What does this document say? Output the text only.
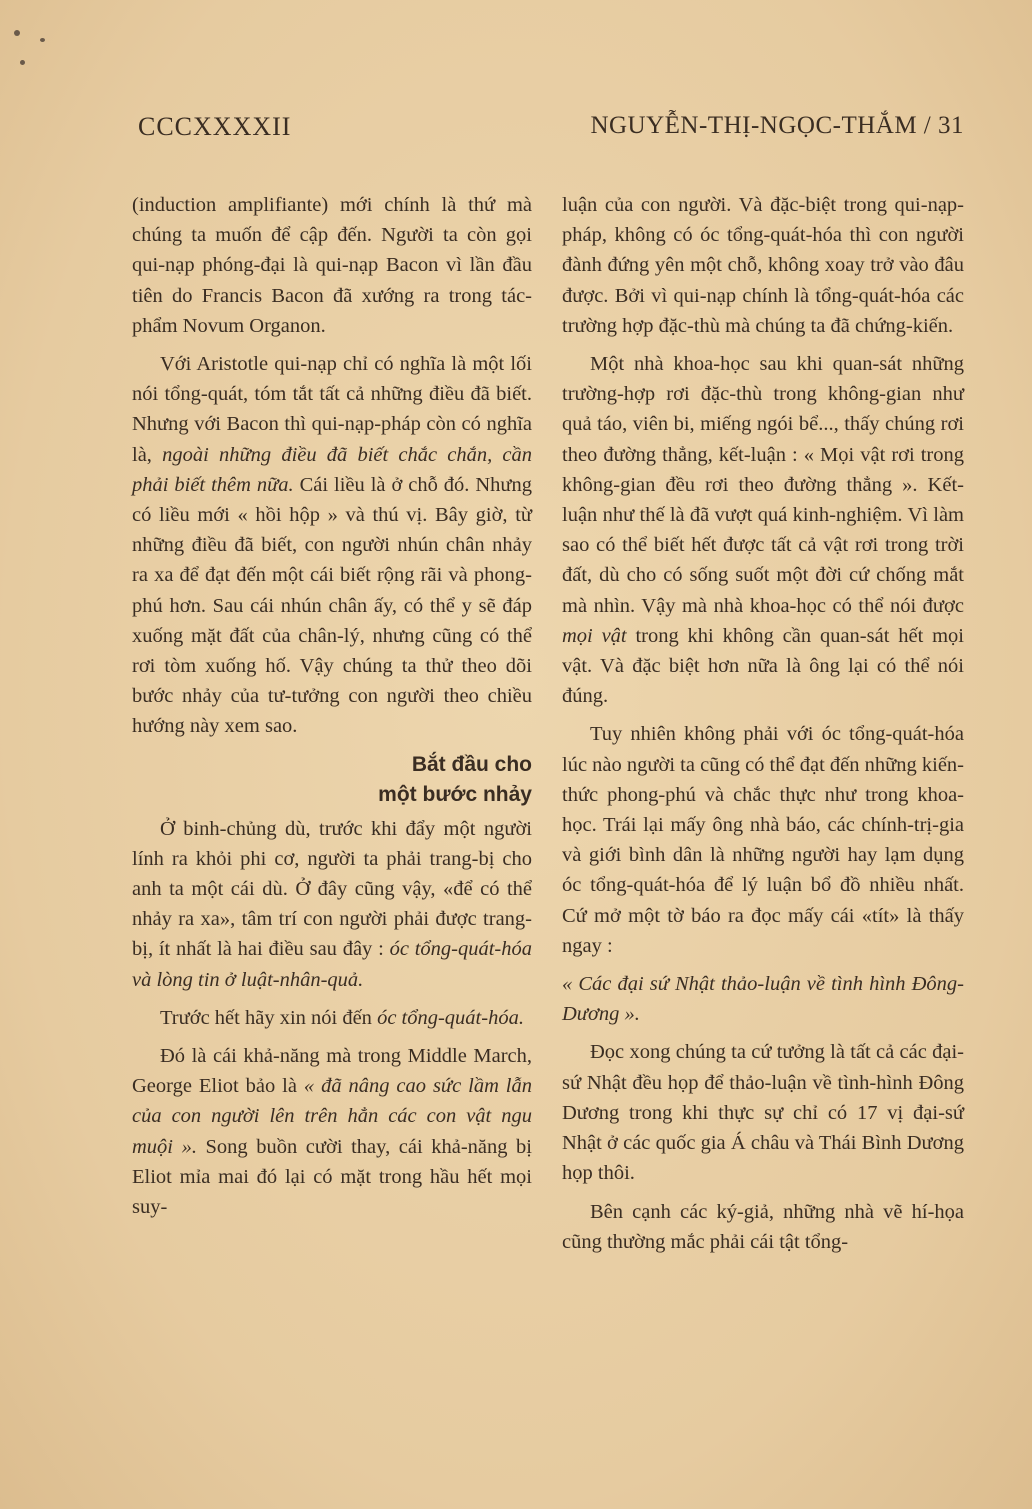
CCCXXXXII	NGUYỄN-THỊ-NGỌC-THẮM / 31

(induction amplifiante) mới chính là thứ mà chúng ta muốn để cập đến. Người ta còn gọi qui-nạp phóng-đại là qui-nạp Bacon vì lần đầu tiên do Francis Bacon đã xướng ra trong tác-phẩm Novum Organon.

Với Aristotle qui-nạp chỉ có nghĩa là một lối nói tổng-quát, tóm tắt tất cả những điều đã biết. Nhưng với Bacon thì qui-nạp-pháp còn có nghĩa là, ngoài những điều đã biết chắc chắn, cần phải biết thêm nữa. Cái liều là ở chỗ đó. Nhưng có liều mới « hồi hộp » và thú vị. Bây giờ, từ những điều đã biết, con người nhún chân nhảy ra xa để đạt đến một cái biết rộng rãi và phong-phú hơn. Sau cái nhún chân ấy, có thể y sẽ đáp xuống mặt đất của chân-lý, nhưng cũng có thể rơi tòm xuống hố. Vậy chúng ta thử theo dõi bước nhảy của tư-tưởng con người theo chiều hướng này xem sao.

Bắt đầu cho
một bước nhảy

Ở binh-chủng dù, trước khi đẩy một người lính ra khỏi phi cơ, người ta phải trang-bị cho anh ta một cái dù. Ở đây cũng vậy, «để có thể nhảy ra xa», tâm trí con người phải được trang-bị, ít nhất là hai điều sau đây : óc tổng-quát-hóa và lòng tin ở luật-nhân-quả.

Trước hết hãy xin nói đến óc tổng-quát-hóa.

Đó là cái khả-năng mà trong Middle March, George Eliot bảo là « đã nâng cao sức lầm lẫn của con người lên trên hẳn các con vật ngu muội ». Song buồn cười thay, cái khả-năng bị Eliot mỉa mai đó lại có mặt trong hầu hết mọi suy-

luận của con người. Và đặc-biệt trong qui-nạp-pháp, không có óc tổng-quát-hóa thì con người đành đứng yên một chỗ, không xoay trở vào đâu được. Bởi vì qui-nạp chính là tổng-quát-hóa các trường hợp đặc-thù mà chúng ta đã chứng-kiến.

Một nhà khoa-học sau khi quan-sát những trường-hợp rơi đặc-thù trong không-gian như quả táo, viên bi, miếng ngói bể..., thấy chúng rơi theo đường thẳng, kết-luận : « Mọi vật rơi trong không-gian đều rơi theo đường thẳng ». Kết-luận như thế là đã vượt quá kinh-nghiệm. Vì làm sao có thể biết hết được tất cả vật rơi trong trời đất, dù cho có sống suốt một đời cứ chống mắt mà nhìn. Vậy mà nhà khoa-học có thể nói được mọi vật trong khi không cần quan-sát hết mọi vật. Và đặc biệt hơn nữa là ông lại có thể nói đúng.

Tuy nhiên không phải với óc tổng-quát-hóa lúc nào người ta cũng có thể đạt đến những kiến-thức phong-phú và chắc thực như trong khoa-học. Trái lại mấy ông nhà báo, các chính-trị-gia và giới bình dân là những người hay lạm dụng óc tổng-quát-hóa để lý luận bổ đồ nhiều nhất. Cứ mở một tờ báo ra đọc mấy cái «tít» là thấy ngay :

« Các đại sứ Nhật thảo-luận về tình hình Đông-Dương ».

Đọc xong chúng ta cứ tưởng là tất cả các đại-sứ Nhật đều họp để thảo-luận về tình-hình Đông Dương trong khi thực sự chỉ có 17 vị đại-sứ Nhật ở các quốc gia Á châu và Thái Bình Dương họp thôi.

Bên cạnh các ký-giả, những nhà vẽ hí-họa cũng thường mắc phải cái tật tổng-
